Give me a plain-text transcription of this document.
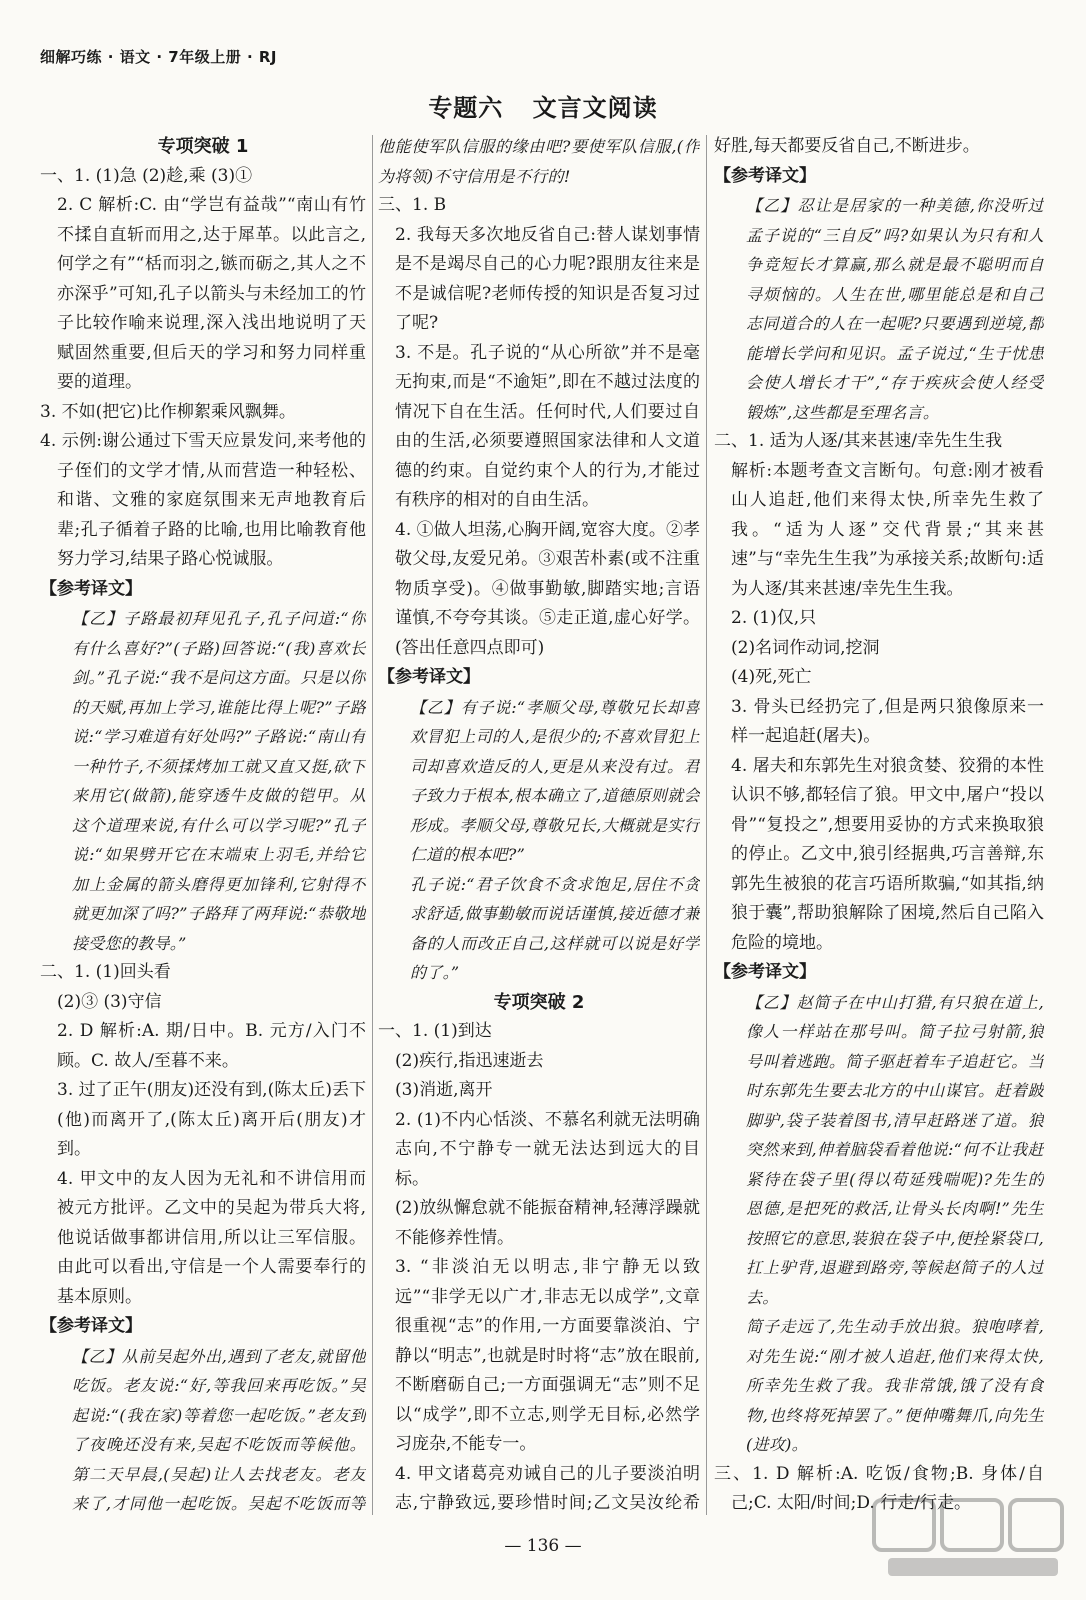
细解巧练 · 语文 · 7年级上册 · RJ
专题六 文言文阅读

专项突破 1

一、1. (1)急 (2)趁,乘 (3)①

2. C 解析:C. 由“学岂有益哉”“南山有竹不揉自直斩而用之,达于犀革。以此言之,何学之有”“栝而羽之,镞而砺之,其人之不亦深乎”可知,孔子以箭头与未经加工的竹子比较作喻来说理,深入浅出地说明了天赋固然重要,但后天的学习和努力同样重要的道理。

3. 不如(把它)比作柳絮乘风飘舞。

4. 示例:谢公通过下雪天应景发问,来考他的子侄们的文学才情,从而营造一种轻松、和谐、文雅的家庭氛围来无声地教育后辈;孔子循着子路的比喻,也用比喻教育他努力学习,结果子路心悦诚服。

【参考译文】

【乙】子路最初拜见孔子,孔子问道:“你有什么喜好?”(子路)回答说:“(我)喜欢长剑。”孔子说:“我不是问这方面。只是以你的天赋,再加上学习,谁能比得上呢?”子路说:“学习难道有好处吗?”子路说:“南山有一种竹子,不须揉烤加工就又直又挺,砍下来用它(做箭),能穿透牛皮做的铠甲。从这个道理来说,有什么可以学习呢?”孔子说:“如果劈开它在末端束上羽毛,并给它加上金属的箭头磨得更加锋利,它射得不就更加深了吗?”子路拜了两拜说:“恭敬地接受您的教导。”

二、1. (1)回头看

(2)③ (3)守信

2. D 解析:A. 期/日中。B. 元方/入门不顾。C. 故人/至暮不来。

3. 过了正午(朋友)还没有到,(陈太丘)丢下(他)而离开了,(陈太丘)离开后(朋友)才到。

4. 甲文中的友人因为无礼和不讲信用而被元方批评。乙文中的吴起为带兵大将,他说话做事都讲信用,所以让三军信服。由此可以看出,守信是一个人需要奉行的基本原则。

【参考译文】

【乙】从前吴起外出,遇到了老友,就留他吃饭。老友说:“好,等我回来再吃饭。”吴起说:“(我在家)等着您一起吃饭。”老友到了夜晚还没有来,吴起不吃饭而等候他。第二天早晨,(吴起)让人去找老友。老友来了,才同他一起吃饭。吴起不吃饭而等

他能使军队信服的缘由吧?要使军队信服,(作为将领)不守信用是不行的!

三、1. B

2. 我每天多次地反省自己:替人谋划事情是不是竭尽自己的心力呢?跟朋友往来是不是诚信呢?老师传授的知识是否复习过了呢?

3. 不是。孔子说的“从心所欲”并不是毫无拘束,而是“不逾矩”,即在不越过法度的情况下自在生活。任何时代,人们要过自由的生活,必须要遵照国家法律和人文道德的约束。自觉约束个人的行为,才能过有秩序的相对的自由生活。

4. ①做人坦荡,心胸开阔,宽容大度。②孝敬父母,友爱兄弟。③艰苦朴素(或不注重物质享受)。④做事勤敏,脚踏实地;言语谨慎,不夸夸其谈。⑤走正道,虚心好学。(答出任意四点即可)

【参考译文】

【乙】有子说:“孝顺父母,尊敬兄长却喜欢冒犯上司的人,是很少的;不喜欢冒犯上司却喜欢造反的人,更是从来没有过。君子致力于根本,根本确立了,道德原则就会形成。孝顺父母,尊敬兄长,大概就是实行仁道的根本吧?”

孔子说:“君子饮食不贪求饱足,居住不贪求舒适,做事勤敏而说话谨慎,接近德才兼备的人而改正自己,这样就可以说是好学的了。”

专项突破 2

一、1. (1)到达

(2)疾行,指迅速逝去

(3)消逝,离开

2. (1)不内心恬淡、不慕名利就无法明确志向,不宁静专一就无法达到远大的目标。

(2)放纵懈怠就不能振奋精神,轻薄浮躁就不能修养性情。

3. “非淡泊无以明志,非宁静无以致远”“非学无以广才,非志无以成学”,文章很重视“志”的作用,一方面要靠淡泊、宁静以“明志”,也就是时时将“志”放在眼前,不断磨砺自己;一方面强调无“志”则不足以“成学”,即不立志,则学无目标,必然学习庞杂,不能专一。

4. 甲文诸葛亮劝诫自己的儿子要淡泊明志,宁静致远,要珍惜时间;乙文吴汝纶希

好胜,每天都要反省自己,不断进步。

【参考译文】

【乙】忍让是居家的一种美德,你没听过孟子说的“三自反”吗?如果认为只有和人争竞短长才算赢,那么就是最不聪明而自寻烦恼的。人生在世,哪里能总是和自己志同道合的人在一起呢?只要遇到逆境,都能增长学问和见识。孟子说过,“生于忧患会使人增长才干”,“存于疾疢会使人经受锻炼”,这些都是至理名言。

二、1. 适为人逐/其来甚速/幸先生生我

解析:本题考查文言断句。句意:刚才被看山人追赶,他们来得太快,所幸先生救了我。“适为人逐”交代背景;“其来甚速”与“幸先生生我”为承接关系;故断句:适为人逐/其来甚速/幸先生生我。

2. (1)仅,只

(2)名词作动词,挖洞

(4)死,死亡

3. 骨头已经扔完了,但是两只狼像原来一样一起追赶(屠夫)。

4. 屠夫和东郭先生对狼贪婪、狡猾的本性认识不够,都轻信了狼。甲文中,屠户“投以骨”“复投之”,想要用妥协的方式来换取狼的停止。乙文中,狼引经据典,巧言善辩,东郭先生被狼的花言巧语所欺骗,“如其指,纳狼于囊”,帮助狼解除了困境,然后自己陷入危险的境地。

【参考译文】

【乙】赵简子在中山打猎,有只狼在道上,像人一样站在那号叫。简子拉弓射箭,狼号叫着逃跑。简子驱赶着车子追赶它。当时东郭先生要去北方的中山谋官。赶着跛脚驴,袋子装着图书,清早赶路迷了道。狼突然来到,伸着脑袋看着他说:“何不让我赶紧待在袋子里(得以苟延残喘呢)?先生的恩德,是把死的救活,让骨头长肉啊!”先生按照它的意思,装狼在袋子中,便拴紧袋口,扛上驴背,退避到路旁,等候赵简子的人过去。

简子走远了,先生动手放出狼。狼咆哮着,对先生说:“刚才被人追赶,他们来得太快,所幸先生救了我。我非常饿,饿了没有食物,也终将死掉罢了。”便伸嘴舞爪,向先生(进攻)。

三、1. D 解析:A. 吃饭/食物;B. 身体/自己;C. 太阳/时间;D. 行走/行走。

— 136 —
